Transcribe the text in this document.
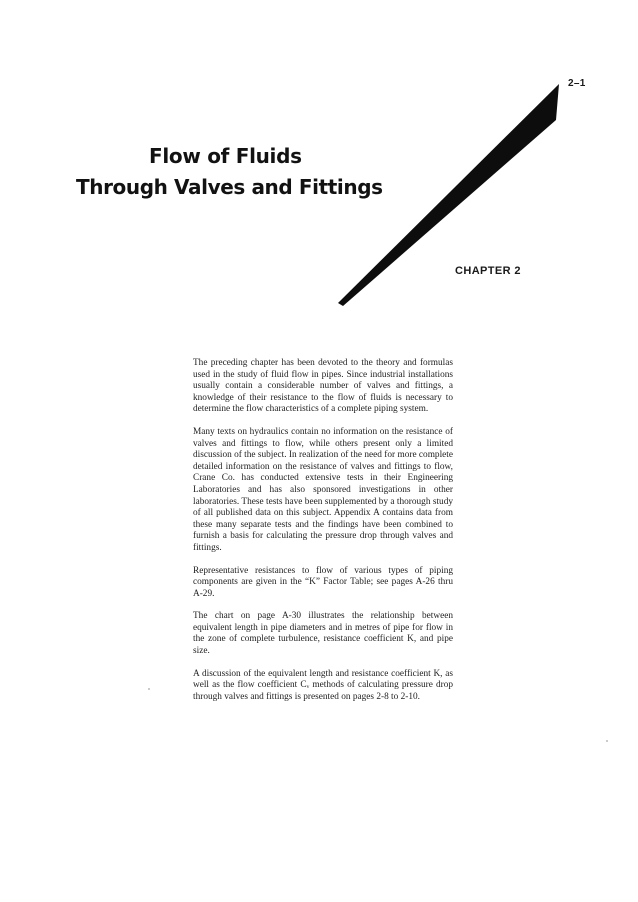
2–1
Flow of Fluids
Through Valves and Fittings
CHAPTER 2

The preceding chapter has been devoted to the theory and formulas used in the study of fluid flow in pipes. Since industrial installations usually contain a considerable number of valves and fittings, a knowledge of their resistance to the flow of fluids is necessary to determine the flow characteristics of a complete piping system.

Many texts on hydraulics contain no information on the resistance of valves and fittings to flow, while others present only a limited discussion of the subject. In realization of the need for more complete detailed information on the resistance of valves and fittings to flow, Crane Co. has conducted extensive tests in their Engineering Laboratories and has also sponsored investigations in other laboratories. These tests have been supplemented by a thorough study of all published data on this subject. Appendix A contains data from these many separate tests and the findings have been combined to furnish a basis for calculating the pressure drop through valves and fittings.

Representative resistances to flow of various types of piping components are given in the “K” Factor Table; see pages A-26 thru A-29.

The chart on page A-30 illustrates the relationship between equivalent length in pipe diameters and in metres of pipe for flow in the zone of complete turbulence, resistance coefficient K, and pipe size.

A discussion of the equivalent length and resistance coefficient K, as well as the flow coefficient Cᵥ methods of calculating pressure drop through valves and fittings is presented on pages 2-8 to 2-10.
